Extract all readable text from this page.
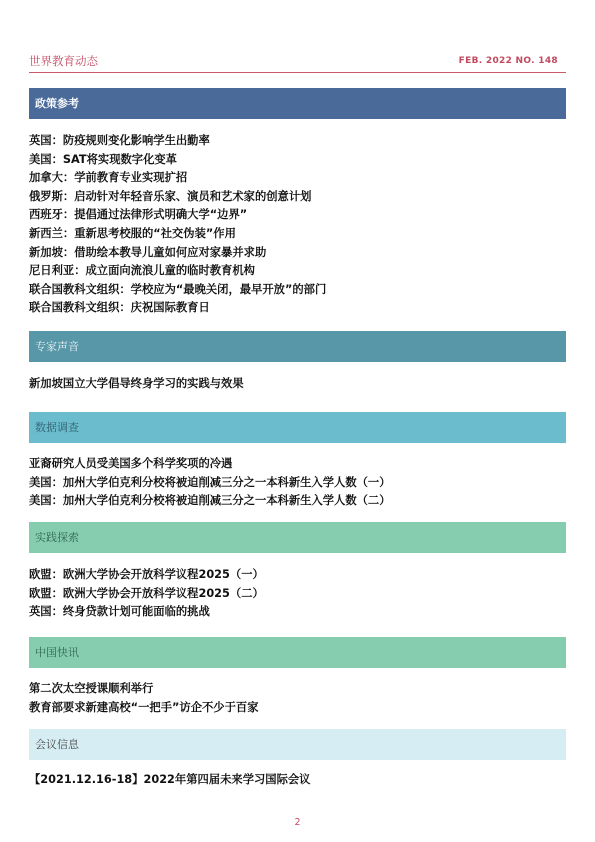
世界教育动态	FEB. 2022 NO. 148
政策参考
英国：防疫规则变化影响学生出勤率
美国：SAT将实现数字化变革
加拿大：学前教育专业实现扩招
俄罗斯：启动针对年轻音乐家、演员和艺术家的创意计划
西班牙：提倡通过法律形式明确大学“边界”
新西兰：重新思考校服的“社交伪装”作用
新加坡：借助绘本教导儿童如何应对家暴并求助
尼日利亚：成立面向流浪儿童的临时教育机构
联合国教科文组织：学校应为“最晚关闭，最早开放”的部门
联合国教科文组织：庆祝国际教育日
专家声音
新加坡国立大学倡导终身学习的实践与效果
数据调查
亚裔研究人员受美国多个科学奖项的冷遇
美国：加州大学伯克利分校将被迫削减三分之一本科新生入学人数（一）
美国：加州大学伯克利分校将被迫削减三分之一本科新生入学人数（二）
实践探索
欧盟：欧洲大学协会开放科学议程2025（一）
欧盟：欧洲大学协会开放科学议程2025（二）
英国：终身贷款计划可能面临的挑战
中国快讯
第二次太空授课顺利举行
教育部要求新建高校“一把手”访企不少于百家
会议信息
【2021.12.16-18】2022年第四届未来学习国际会议
2
